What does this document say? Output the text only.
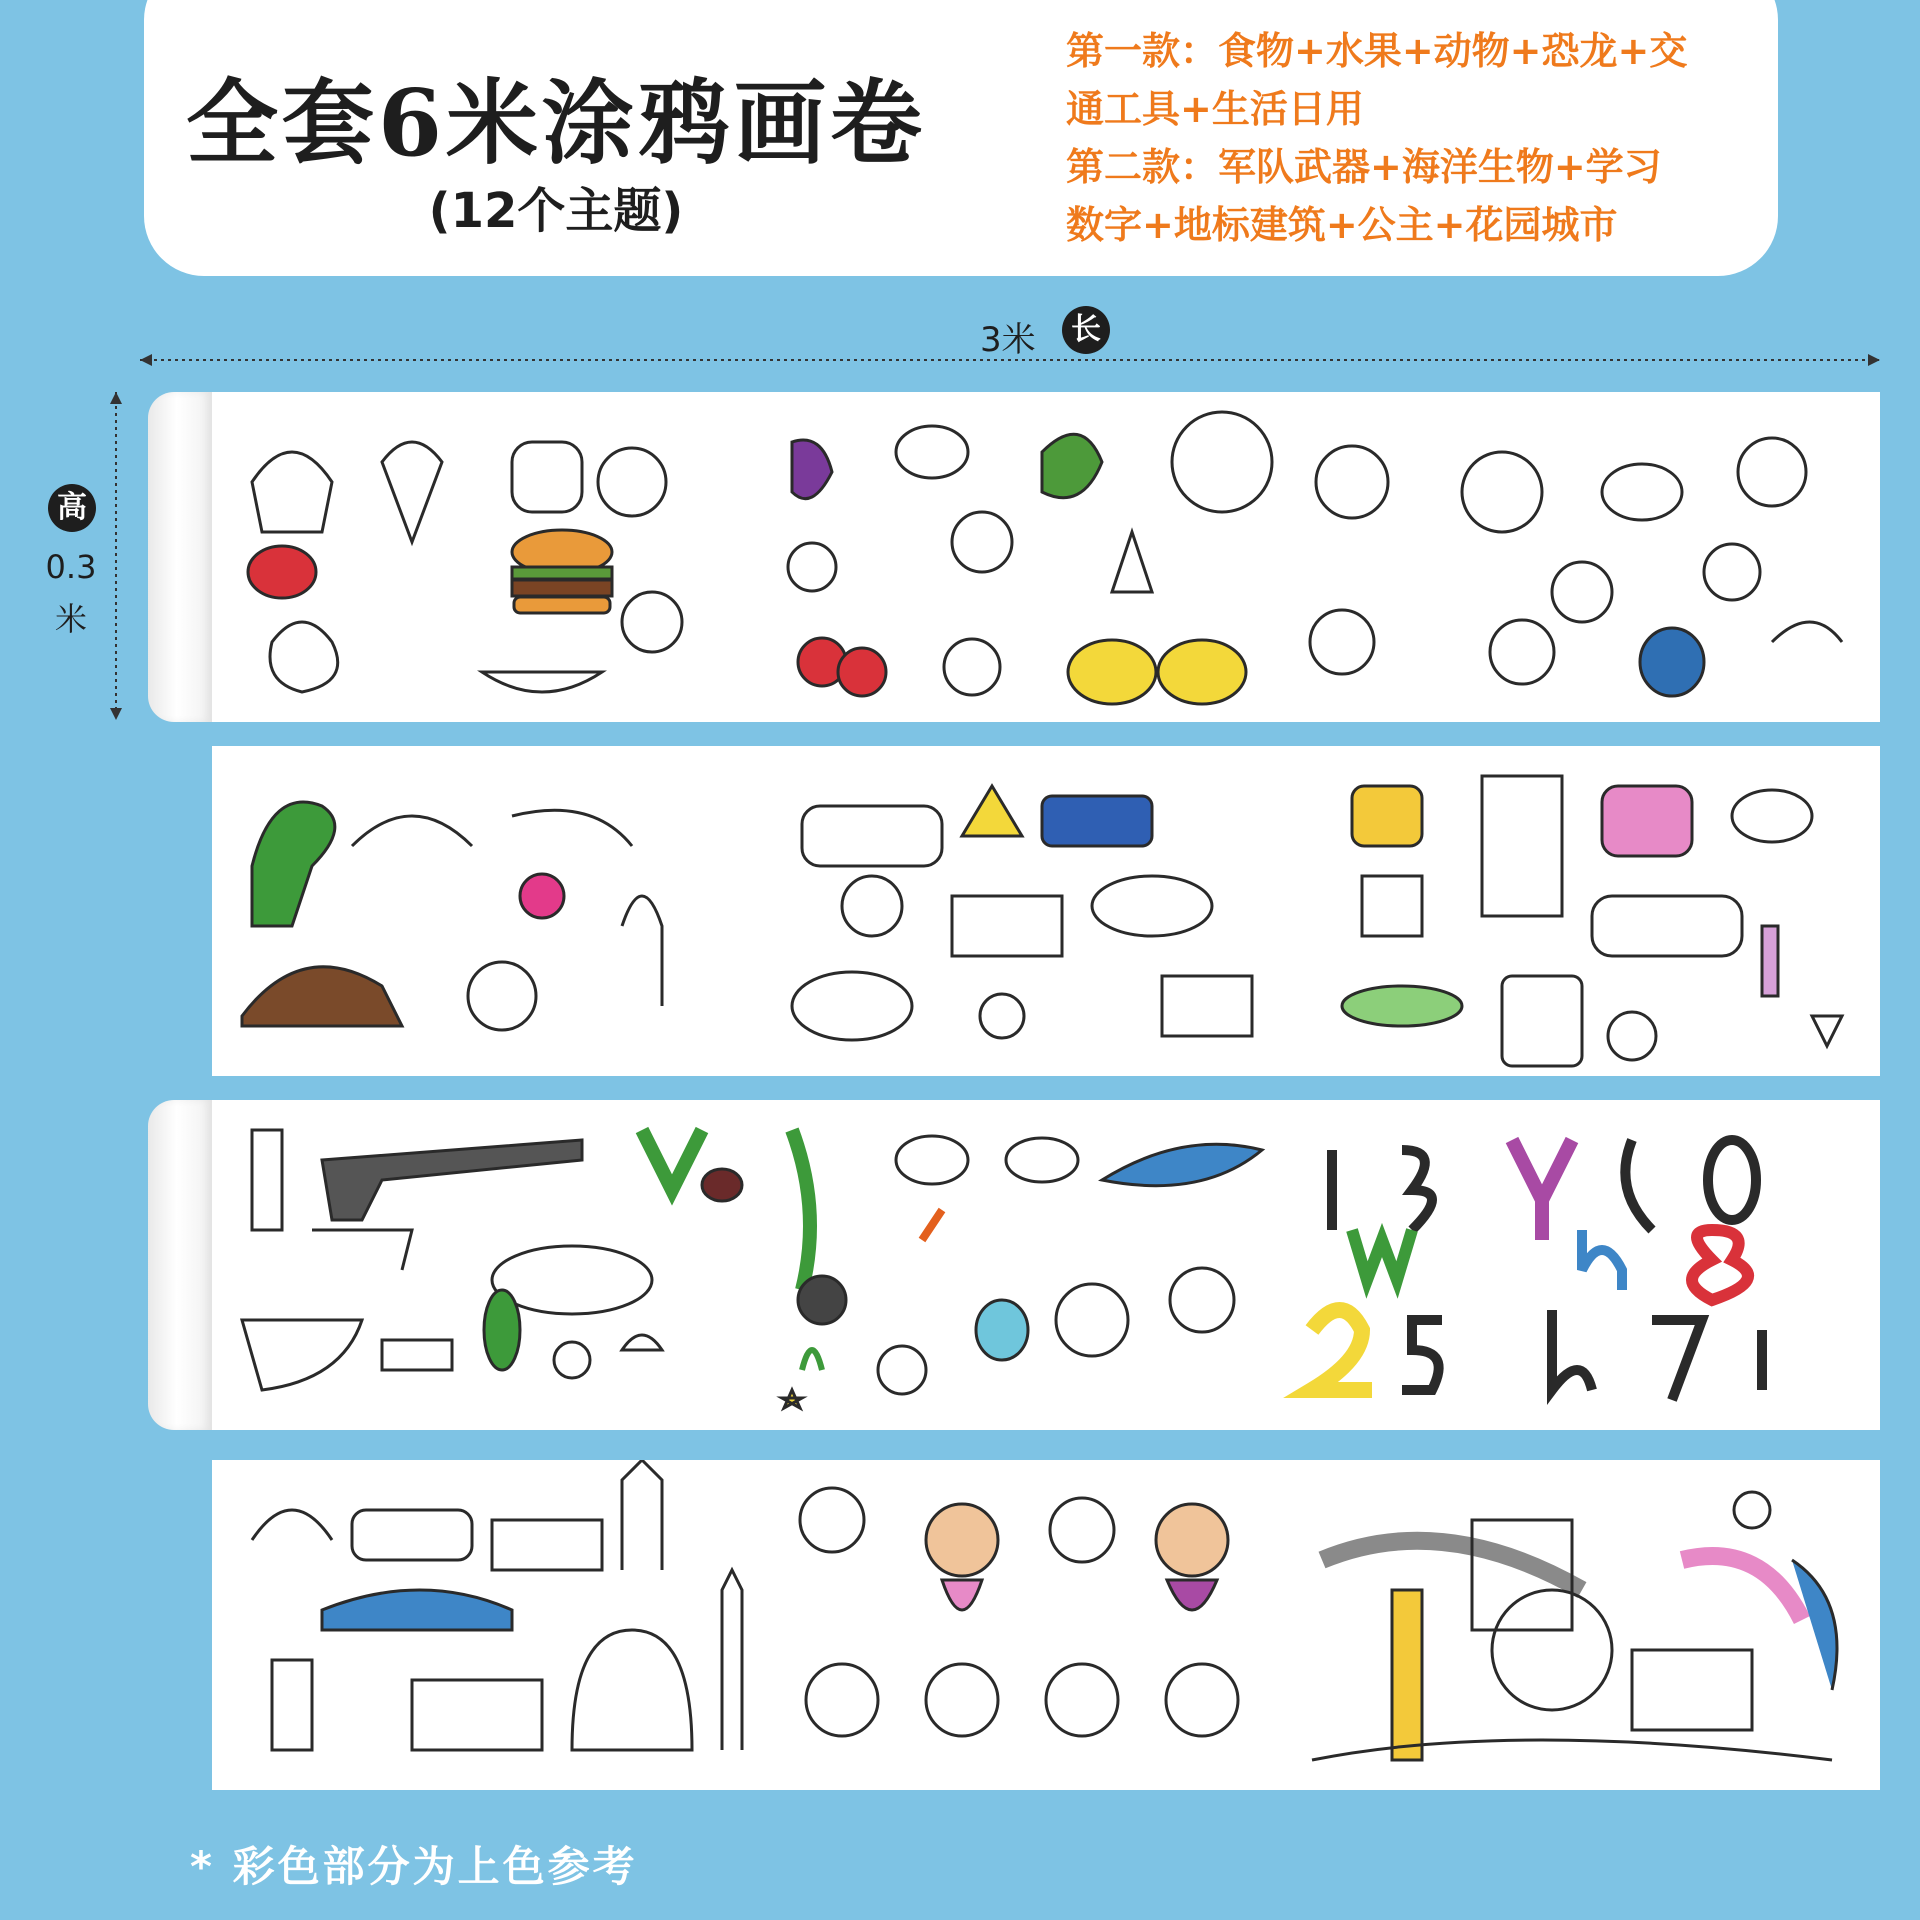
全套6米涂鸦画卷
(12个主题)
第一款：食物+水果+动物+恐龙+交
通工具+生活日用
第二款：军队武器+海洋生物+学习
数字+地标建筑+公主+花园城市
3米	长
高
0.3
米
* 彩色部分为上色参考
